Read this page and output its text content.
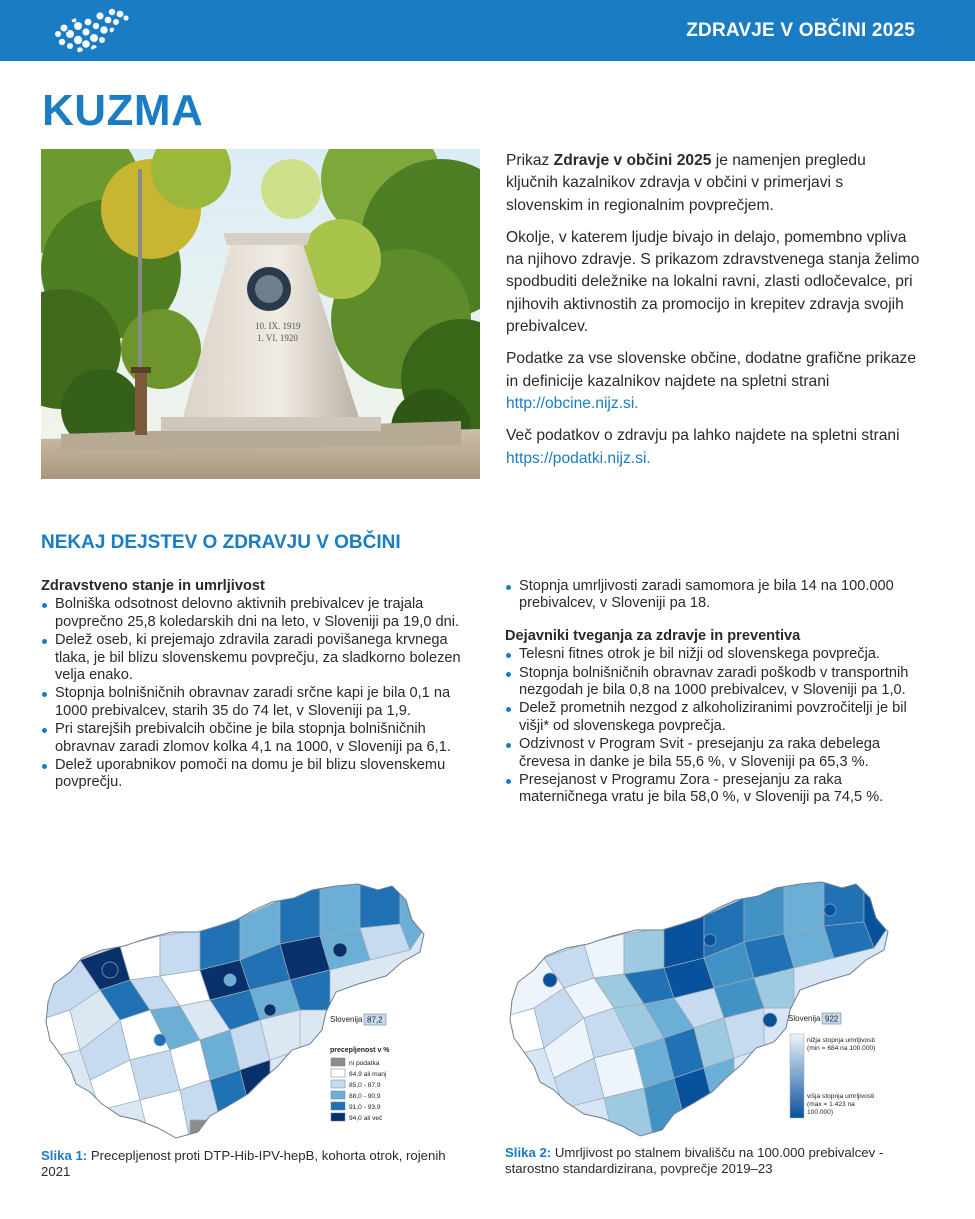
ZDRAVJE V OBČINI 2025
KUZMA
10. IX. 1919
1. VI. 1920

Prikaz Zdravje v občini 2025 je namenjen pregledu ključnih kazalnikov zdravja v občini v primerjavi s slovenskim in regionalnim povprečjem.

Okolje, v katerem ljudje bivajo in delajo, pomembno vpliva na njihovo zdravje. S prikazom zdravstvenega stanja želimo spodbuditi deležnike na lokalni ravni, zlasti odločevalce, pri njihovih aktivnostih za promocijo in krepitev zdravja svojih prebivalcev.

Podatke za vse slovenske občine, dodatne grafične prikaze in definicije kazalnikov najdete na spletni strani http://obcine.nijz.si.

Več podatkov o zdravju pa lahko najdete na spletni strani https://podatki.nijz.si.

NEKAJ DEJSTEV O ZDRAVJU V OBČINI
Zdravstveno stanje in umrljivost
Bolniška odsotnost delovno aktivnih prebivalcev je trajala povprečno 25,8 koledarskih dni na leto, v Sloveniji pa 19,0 dni.
Delež oseb, ki prejemajo zdravila zaradi povišanega krvnega tlaka, je bil blizu slovenskemu povprečju, za sladkorno bolezen velja enako.
Stopnja bolnišničnih obravnav zaradi srčne kapi je bila 0,1 na 1000 prebivalcev, starih 35 do 74 let, v Sloveniji pa 1,9.
Pri starejših prebivalcih občine je bila stopnja bolnišničnih obravnav zaradi zlomov kolka 4,1 na 1000, v Sloveniji pa 6,1.
Delež uporabnikov pomoči na domu je bil blizu slovenskemu povprečju.
Stopnja umrljivosti zaradi samomora je bila 14 na 100.000 prebivalcev, v Sloveniji pa 18.
Dejavniki tveganja za zdravje in preventiva
Telesni fitnes otrok je bil nižji od slovenskega povprečja.
Stopnja bolnišničnih obravnav zaradi poškodb v transportnih nezgodah je bila 0,8 na 1000 prebivalcev, v Sloveniji pa 1,0.
Delež prometnih nezgod z alkoholiziranimi povzročitelji je bil višji* od slovenskega povprečja.
Odzivnost v Program Svit - presejanju za raka debelega črevesa in danke je bila 55,6 %, v Sloveniji pa 65,3 %.
Presejanost v Programu Zora - presejanju za raka materničnega vratu je bila 58,0 %, v Sloveniji pa 74,5 %.
Slovenija 87,2
precepljenost v %
ni podatka
84,9 ali manj
85,0 - 87,9
88,0 - 90,9
91,0 - 93,9
94,0 ali več
Slika 1: Precepljenost proti DTP-Hib-IPV-hepB, kohorta otrok, rojenih 2021
Slovenija 922
nižja stopnja umrljivosti
(min = 684 na 100.000)
višja stopnja umrljivosti
(max = 1.423 na
100.000)
Slika 2: Umrljivost po stalnem bivališču na 100.000 prebivalcev - starostno standardizirana, povprečje 2019–23
